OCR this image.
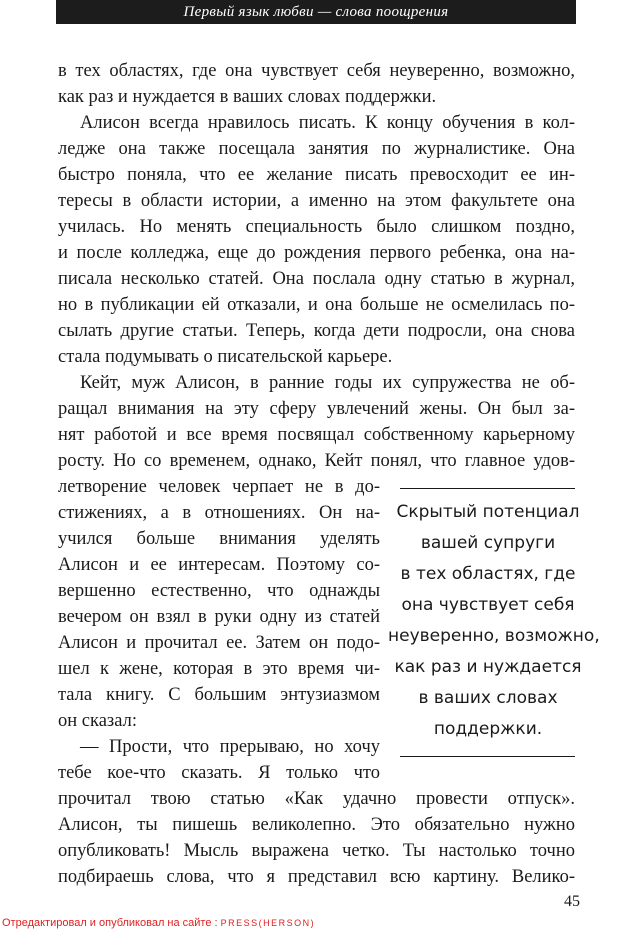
Первый язык любви — слова поощрения
в тех областях, где она чувствует себя неуверенно, возможно,
как раз и нуждается в ваших словах поддержки.
Алисон всегда нравилось писать. К концу обучения в кол-
ледже она также посещала занятия по журналистике. Она
быстро поняла, что ее желание писать превосходит ее ин-
тересы в области истории, а именно на этом факультете она
училась. Но менять специальность было слишком поздно,
и после колледжа, еще до рождения первого ребенка, она на-
писала несколько статей. Она послала одну статью в журнал,
но в публикации ей отказали, и она больше не осмелилась по-
сылать другие статьи. Теперь, когда дети подросли, она снова
стала подумывать о писательской карьере.
Кейт, муж Алисон, в ранние годы их супружества не об-
ращал внимания на эту сферу увлечений жены. Он был за-
нят работой и все время посвящал собственному карьерному
росту. Но со временем, однако, Кейт понял, что главное удов-
летворение человек черпает не в до-
стижениях, а в отношениях. Он на-
учился больше внимания уделять
Алисон и ее интересам. Поэтому со-
вершенно естественно, что однажды
вечером он взял в руки одну из статей
Алисон и прочитал ее. Затем он подо-
шел к жене, которая в это время чи-
тала книгу. С большим энтузиазмом
он сказал:
— Прости, что прерываю, но хочу
тебе кое-что сказать. Я только что
прочитал твою статью «Как удачно провести отпуск».
Алисон, ты пишешь великолепно. Это обязательно нужно
опубликовать! Мысль выражена четко. Ты настолько точно
подбираешь слова, что я представил всю картину. Велико-
Скрытый потенциал
вашей супруги
в тех областях, где
она чувствует себя
неуверенно, возможно,
как раз и нуждается
в ваших словах
поддержки.
45
Отредактировал и опубликовал на сайте : PRESS(HERSON)
